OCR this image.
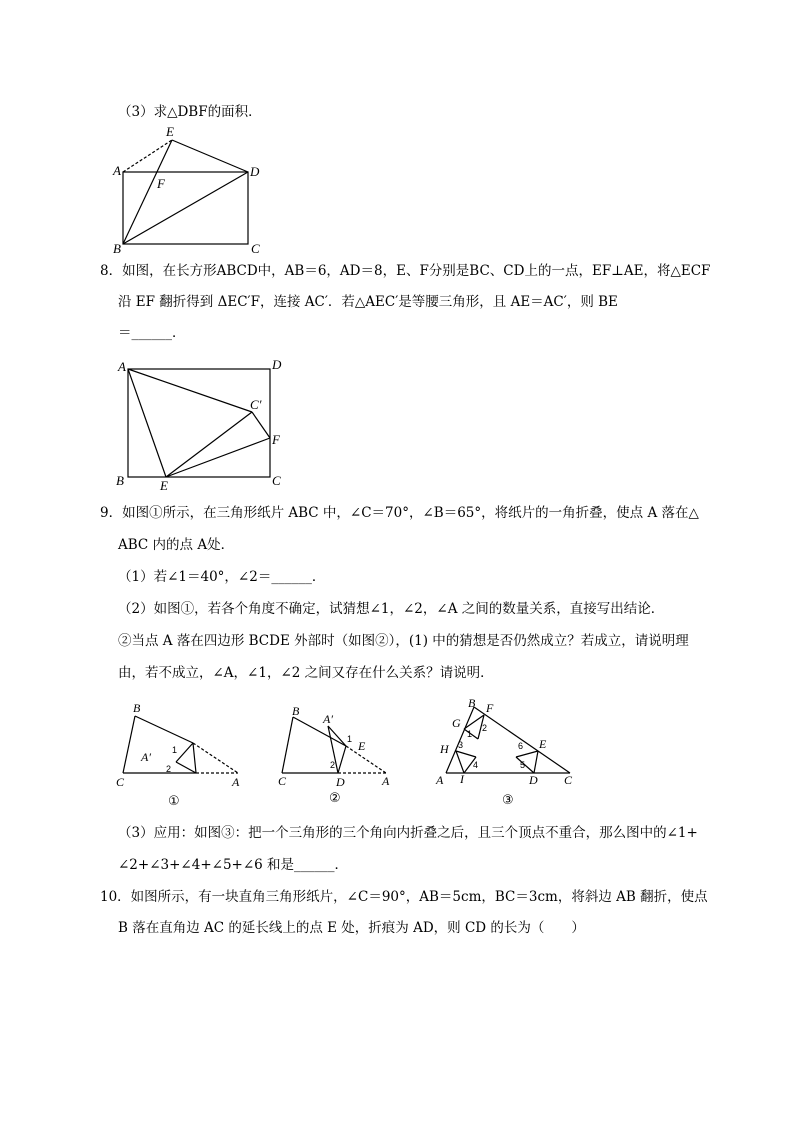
（3）求△DBF的面积．
A
B	C
D
E
F
8．如图，在长方形ABCD中，AB＝6，AD＝8，E、F分别是BC、CD上的一点，EF⊥AE，将△ECF
沿 EF 翻折得到 ΔEC′F，连接 AC′．若△AEC′是等腰三角形，且 AE＝AC′，则 BE
＝______．
A
B	C
D
E
F
C′
9．如图①所示，在三角形纸片 ABC 中，∠C＝70°，∠B＝65°，将纸片的一角折叠，使点 A 落在△
ABC 内的点 A处．
（1）若∠1＝40°，∠2＝______．
（2）如图①，若各个角度不确定，试猜想∠1，∠2，∠A 之间的数量关系，直接写出结论．
②当点 A 落在四边形 BCDE 外部时（如图②），(1) 中的猜想是否仍然成立？若成立，请说明理
由，若不成立，∠A，∠1，∠2 之间又存在什么关系？请说明．
B
C	A
A′ 1
2
①
B
C	D	A
A′
E
1
2
②
B F
G
H
A I	D C
E
1
2
3
4	5
6
③
（3）应用：如图③：把一个三角形的三个角向内折叠之后，且三个顶点不重合，那么图中的∠1+
∠2+∠3+∠4+∠5+∠6 和是______．
10．如图所示，有一块直角三角形纸片，∠C＝90°，AB＝5cm，BC＝3cm，将斜边 AB 翻折，使点
B 落在直角边 AC 的延长线上的点 E 处，折痕为 AD，则 CD 的长为（　　）
